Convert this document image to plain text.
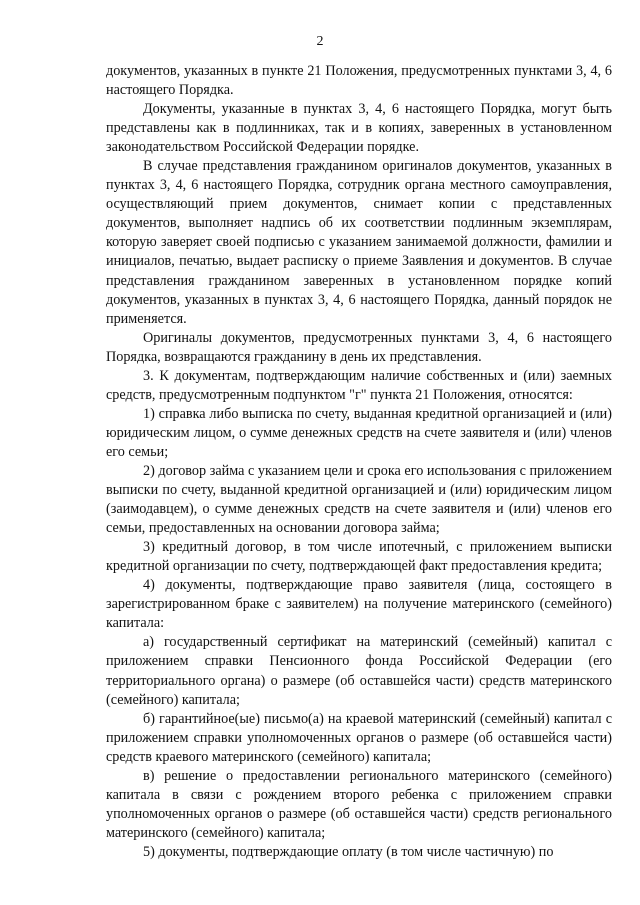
2

документов, указанных в пункте 21 Положения, предусмотренных пунктами 3, 4, 6 настоящего Порядка.

Документы, указанные в пунктах 3, 4, 6 настоящего Порядка, могут быть представлены как в подлинниках, так и в копиях, заверенных в установленном законодательством Российской Федерации порядке.

В случае представления гражданином оригиналов документов, указанных в пунктах 3, 4, 6 настоящего Порядка, сотрудник органа местного самоуправления, осуществляющий прием документов, снимает копии с представленных документов, выполняет надпись об их соответствии подлинным экземплярам, которую заверяет своей подписью с указанием занимаемой должности, фамилии и инициалов, печатью, выдает расписку о приеме Заявления и документов. В случае представления гражданином заверенных в установленном порядке копий документов, указанных в пунктах 3, 4, 6 настоящего Порядка, данный порядок не применяется.

Оригиналы документов, предусмотренных пунктами 3, 4, 6 настоящего Порядка, возвращаются гражданину в день их представления.

3. К документам, подтверждающим наличие собственных и (или) заемных средств, предусмотренным подпунктом "г" пункта 21 Положения, относятся:

1) справка либо выписка по счету, выданная кредитной организацией и (или) юридическим лицом, о сумме денежных средств на счете заявителя и (или) членов его семьи;

2) договор займа с указанием цели и срока его использования с приложением выписки по счету, выданной кредитной организацией и (или) юридическим лицом (заимодавцем), о сумме денежных средств на счете заявителя и (или) членов его семьи, предоставленных на основании договора займа;

3) кредитный договор, в том числе ипотечный, с приложением выписки кредитной организации по счету, подтверждающей факт предоставления кредита;

4) документы, подтверждающие право заявителя (лица, состоящего в зарегистрированном браке с заявителем) на получение материнского (семейного) капитала:

а) государственный сертификат на материнский (семейный) капитал с приложением справки Пенсионного фонда Российской Федерации (его территориального органа) о размере (об оставшейся части) средств материнского (семейного) капитала;

б) гарантийное(ые) письмо(а) на краевой материнский (семейный) капитал с приложением справки уполномоченных органов о размере (об оставшейся части) средств краевого материнского (семейного) капитала;

в) решение о предоставлении регионального материнского (семейного) капитала в связи с рождением второго ребенка с приложением справки уполномоченных органов о размере (об оставшейся части) средств регионального материнского (семейного) капитала;

5) документы, подтверждающие оплату (в том числе частичную) по
